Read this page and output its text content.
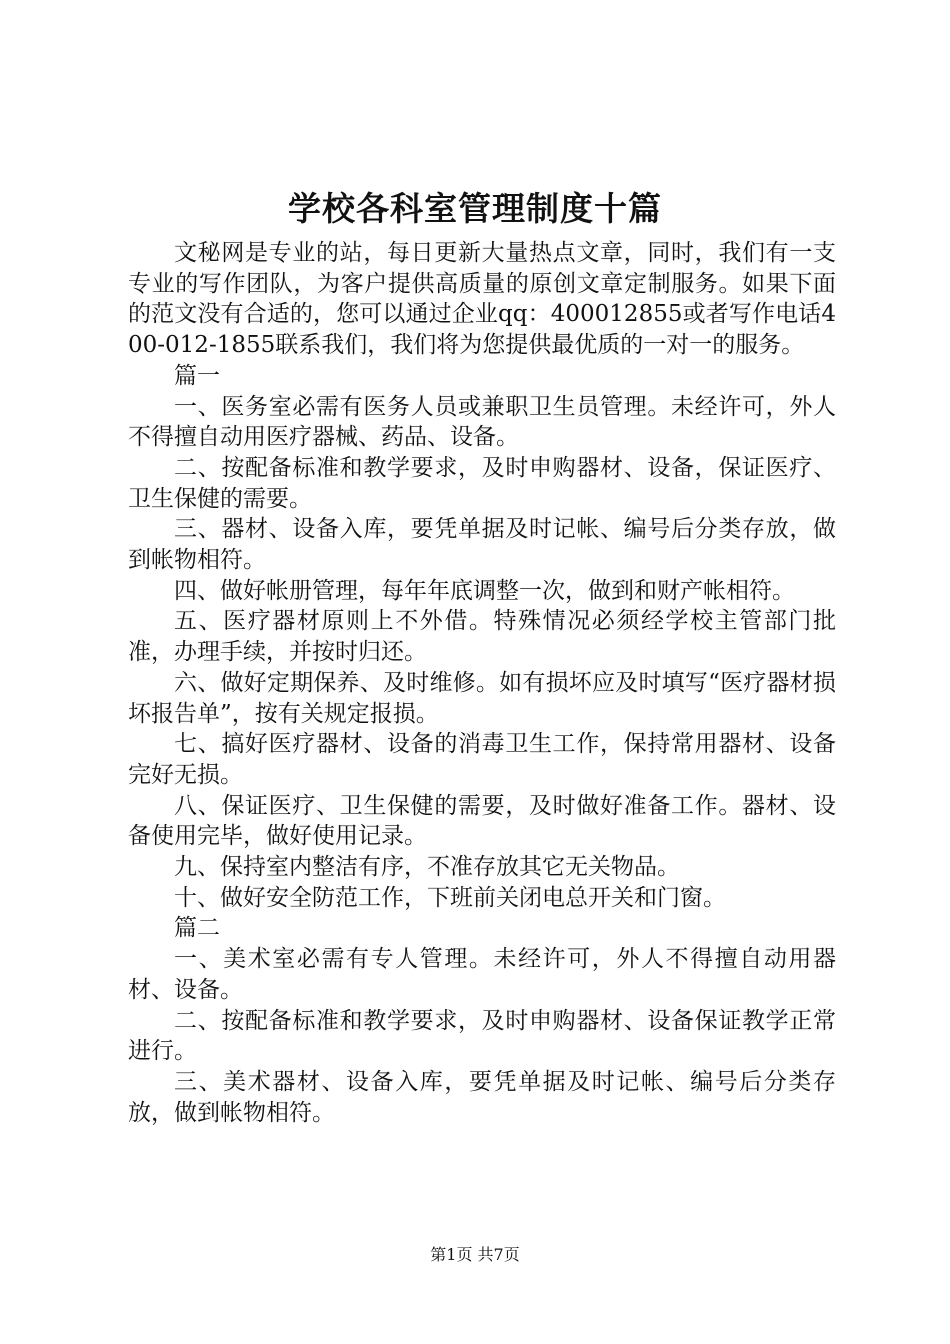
学校各科室管理制度十篇

文秘网是专业的站，每日更新大量热点文章，同时，我们有一支专业的写作团队，为客户提供高质量的原创文章定制服务。如果下面的范文没有合适的，您可以通过企业qq：400012855或者写作电话400-012-1855联系我们，我们将为您提供最优质的一对一的服务。

篇一

一、医务室必需有医务人员或兼职卫生员管理。未经许可，外人不得擅自动用医疗器械、药品、设备。

二、按配备标准和教学要求，及时申购器材、设备，保证医疗、卫生保健的需要。

三、器材、设备入库，要凭单据及时记帐、编号后分类存放，做到帐物相符。

四、做好帐册管理，每年年底调整一次，做到和财产帐相符。

五、医疗器材原则上不外借。特殊情况必须经学校主管部门批准，办理手续，并按时归还。

六、做好定期保养、及时维修。如有损坏应及时填写“医疗器材损坏报告单”，按有关规定报损。

七、搞好医疗器材、设备的消毒卫生工作，保持常用器材、设备完好无损。

八、保证医疗、卫生保健的需要，及时做好准备工作。器材、设备使用完毕，做好使用记录。

九、保持室内整洁有序，不准存放其它无关物品。

十、做好安全防范工作，下班前关闭电总开关和门窗。

篇二

一、美术室必需有专人管理。未经许可，外人不得擅自动用器材、设备。

二、按配备标准和教学要求，及时申购器材、设备保证教学正常进行。

三、美术器材、设备入库，要凭单据及时记帐、编号后分类存放，做到帐物相符。

第1页 共7页
